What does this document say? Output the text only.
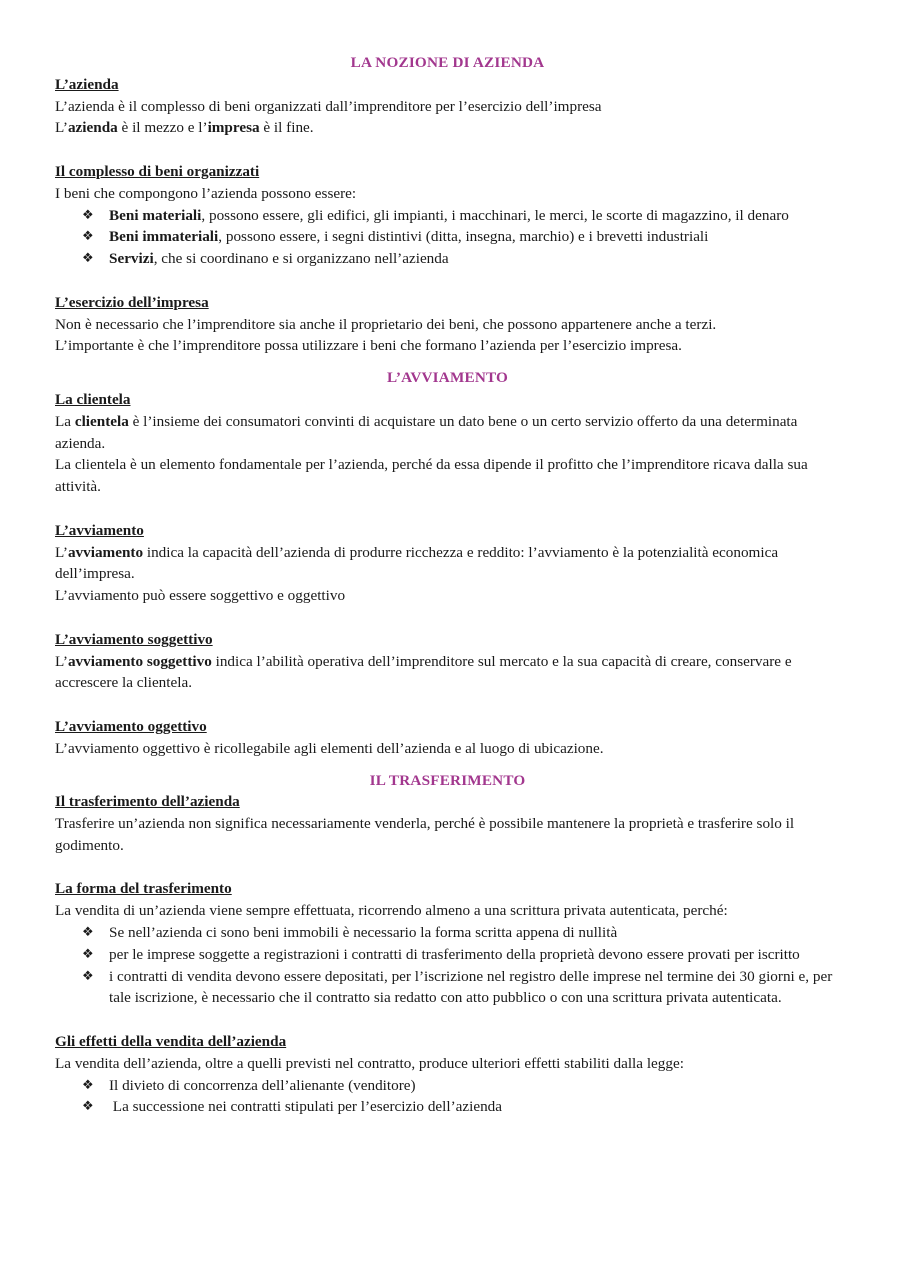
LA NOZIONE DI AZIENDA

L’azienda

L’azienda è il complesso di beni organizzati dall’imprenditore per l’esercizio dell’impresa

L’azienda è il mezzo e l’impresa è il fine.

Il complesso di beni organizzati

I beni che compongono l’azienda possono essere:

❖ Beni materiali, possono essere, gli edifici, gli impianti, i macchinari, le merci, le scorte di magazzino, il denaro
❖ Beni immateriali, possono essere, i segni distintivi (ditta, insegna, marchio) e i brevetti industriali
❖ Servizi, che si coordinano e si organizzano nell’azienda

L’esercizio dell’impresa

Non è necessario che l’imprenditore sia anche il proprietario dei beni, che possono appartenere anche a terzi.

L’importante è che l’imprenditore possa utilizzare i beni che formano l’azienda per l’esercizio impresa.

L’AVVIAMENTO

La clientela

La clientela è l’insieme dei consumatori convinti di acquistare un dato bene o un certo servizio offerto da una determinata azienda.

La clientela è un elemento fondamentale per l’azienda, perché da essa dipende il profitto che l’imprenditore ricava dalla sua attività.

L’avviamento

L’avviamento indica la capacità dell’azienda di produrre ricchezza e reddito: l’avviamento è la potenzialità economica dell’impresa.

L’avviamento può essere soggettivo e oggettivo

L’avviamento soggettivo

L’avviamento soggettivo indica l’abilità operativa dell’imprenditore sul mercato e la sua capacità di creare, conservare e accrescere la clientela.

L’avviamento oggettivo

L’avviamento oggettivo è ricollegabile agli elementi dell’azienda e al luogo di ubicazione.

IL TRASFERIMENTO

Il trasferimento dell’azienda

Trasferire un’azienda non significa necessariamente venderla, perché è possibile mantenere la proprietà e trasferire solo il godimento.

La forma del trasferimento

La vendita di un’azienda viene sempre effettuata, ricorrendo almeno a una scrittura privata autenticata, perché:

❖ Se nell’azienda ci sono beni immobili è necessario la forma scritta appena di nullità
❖ per le imprese soggette a registrazioni i contratti di trasferimento della proprietà devono essere provati per iscritto
❖ i contratti di vendita devono essere depositati, per l’iscrizione nel registro delle imprese nel termine dei 30 giorni e, per tale iscrizione, è necessario che il contratto sia redatto con atto pubblico o con una scrittura privata autenticata.

Gli effetti della vendita dell’azienda

La vendita dell’azienda, oltre a quelli previsti nel contratto, produce ulteriori effetti stabiliti dalla legge:

❖ Il divieto di concorrenza dell’alienante (venditore)
❖ La successione nei contratti stipulati per l’esercizio dell’azienda
